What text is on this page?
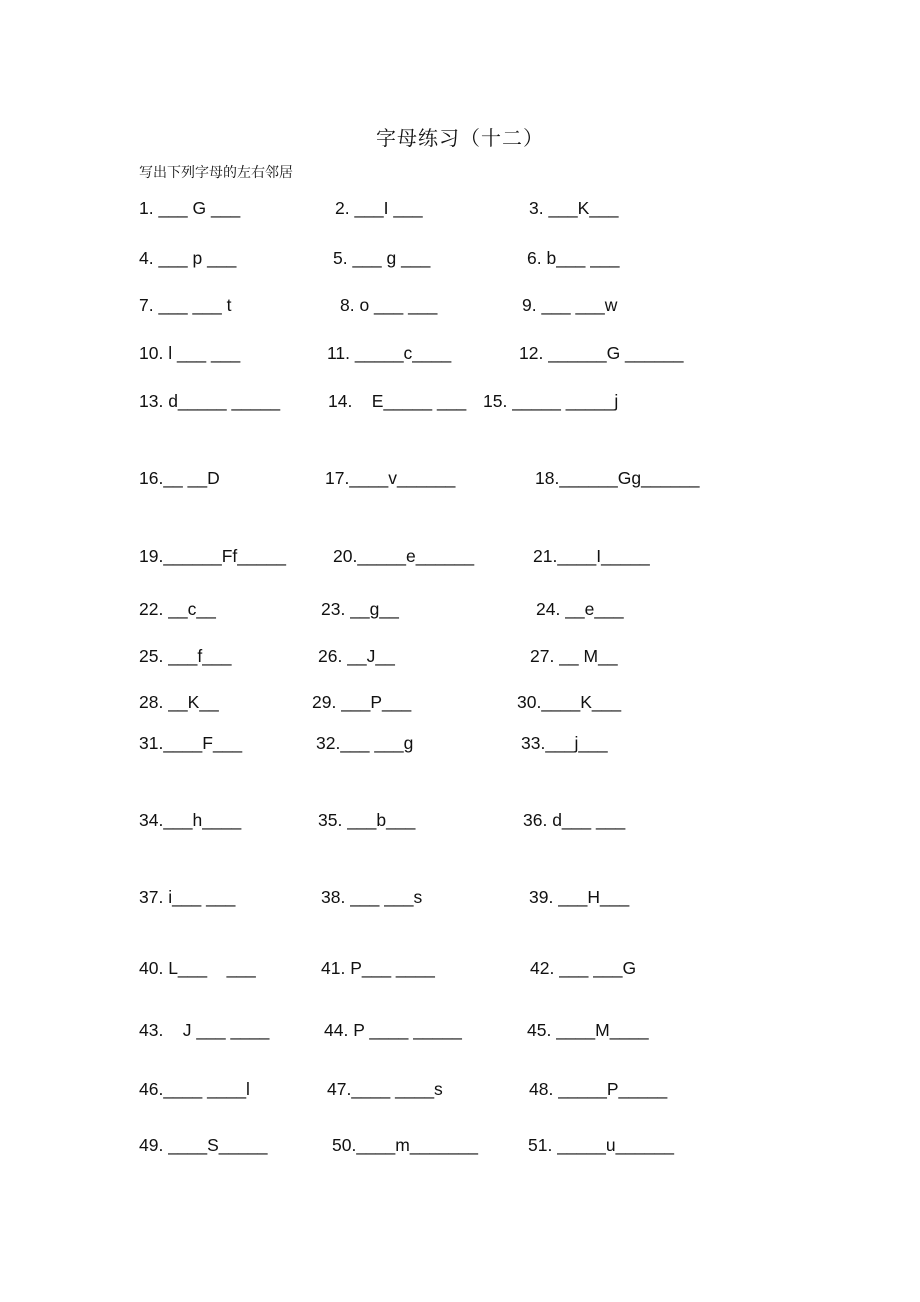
字母练习（十二）
写出下列字母的左右邻居
1. ___ G ___	2. ___I ___	3. ___K___
4. ___ p ___	5. ___ g ___	6. b___ ___
7. ___ ___ t	8. o ___ ___	9. ___ ___w
10. l ___ ___	11. _____c____	12. ______G ______
13. d_____ _____	14.    E_____ ___ 15. _____ _____j
16.__ __D	17.____v______	18.______Gg______
19.______Ff_____	20._____e______	21.____I_____
22. __c__	23. __g__	24. __e___
25. ___f___	26. __J__	27. __ M__
28. __K__	29. ___P___	30.____K___
31.____F___	32.___ ___g	33.___j___
34.___h____	35. ___b___	36. d___ ___
37. i___ ___	38. ___ ___s	39. ___H___
40. L___    ___	41. P___ ____	42. ___ ___G
43.    J ___ ____	44. P ____ _____	45. ____M____
46.____ ____l	47.____ ____s	48. _____P_____
49. ____S_____	50.____m_______	51. _____u______
